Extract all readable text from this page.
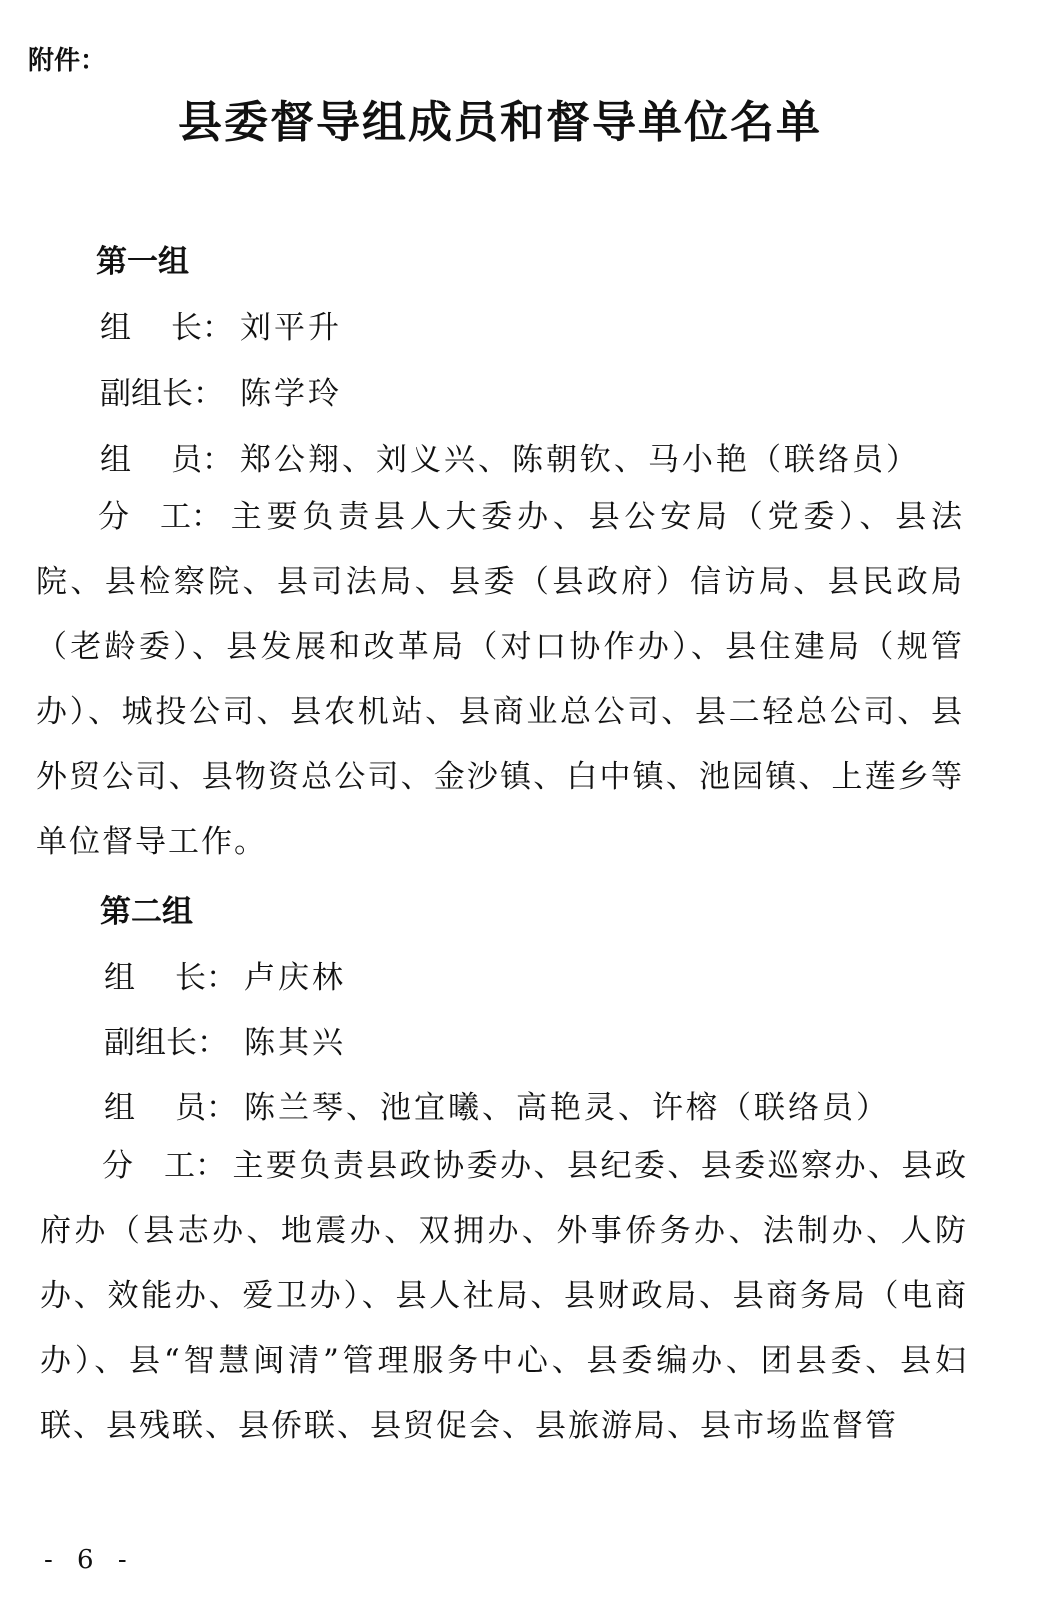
附件：
县委督导组成员和督导单位名单
第一组
组 长： 刘平升
副组长： 陈学玲
组 员： 郑公翔、刘义兴、陈朝钦、马小艳（联络员）
分　工： 主要负责县人大委办、县公安局（党委）、县法院、县检察院、县司法局、县委（县政府）信访局、县民政局（老龄委）、县发展和改革局（对口协作办）、县住建局（规管办）、城投公司、县农机站、县商业总公司、县二轻总公司、县外贸公司、县物资总公司、金沙镇、白中镇、池园镇、上莲乡等单位督导工作。
第二组
组 长： 卢庆林
副组长： 陈其兴
组 员： 陈兰琴、池宜曦、高艳灵、许榕（联络员）
分　工： 主要负责县政协委办、县纪委、县委巡察办、县政府办（县志办、地震办、双拥办、外事侨务办、法制办、人防办、效能办、爱卫办）、县人社局、县财政局、县商务局（电商办）、县“智慧闽清”管理服务中心、县委编办、团县委、县妇联、县残联、县侨联、县贸促会、县旅游局、县市场监督管
- 6 -
